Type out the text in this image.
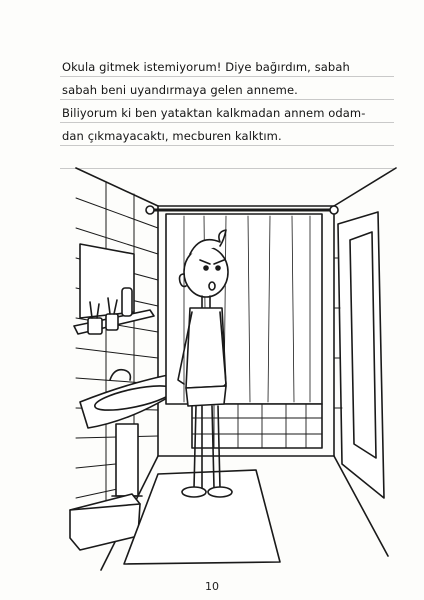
Okula gitmek istemiyorum! Diye bağırdım, sabah
sabah beni uyandırmaya gelen anneme.
Biliyorum ki ben yataktan kalkmadan annem odam-
dan çıkmayacaktı, mecburen kalktım.
10
